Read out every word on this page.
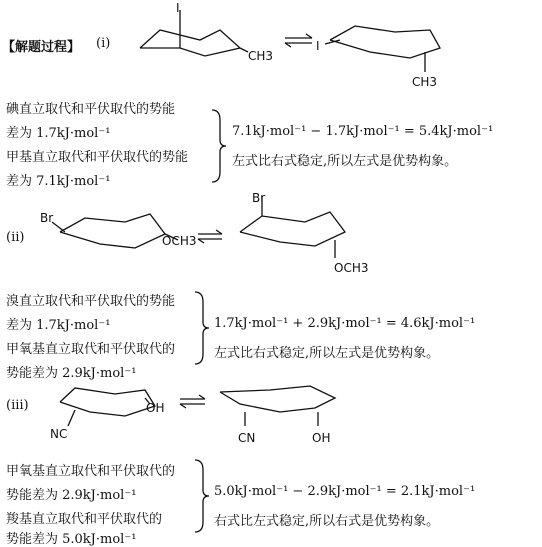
I
CH3
I
CH3
Br
OCH3
Br
OCH3
NC
OH
CN	OH
【解题过程】 (ⅰ)
碘直立取代和平伏取代的势能
差为 1.7kJ·mol⁻¹
甲基直立取代和平伏取代的势能
差为 7.1kJ·mol⁻¹
7.1kJ·mol⁻¹ − 1.7kJ·mol⁻¹ = 5.4kJ·mol⁻¹
左式比右式稳定,所以左式是优势构象。
(ⅱ)
溴直立取代和平伏取代的势能
差为 1.7kJ·mol⁻¹
甲氧基直立取代和平伏取代的
势能差为 2.9kJ·mol⁻¹
1.7kJ·mol⁻¹ + 2.9kJ·mol⁻¹ = 4.6kJ·mol⁻¹
左式比右式稳定,所以左式是优势构象。
(ⅲ)
甲氧基直立取代和平伏取代的
势能差为 2.9kJ·mol⁻¹
羧基直立取代和平伏取代的
势能差为 5.0kJ·mol⁻¹
5.0kJ·mol⁻¹ − 2.9kJ·mol⁻¹ = 2.1kJ·mol⁻¹
右式比左式稳定,所以右式是优势构象。
